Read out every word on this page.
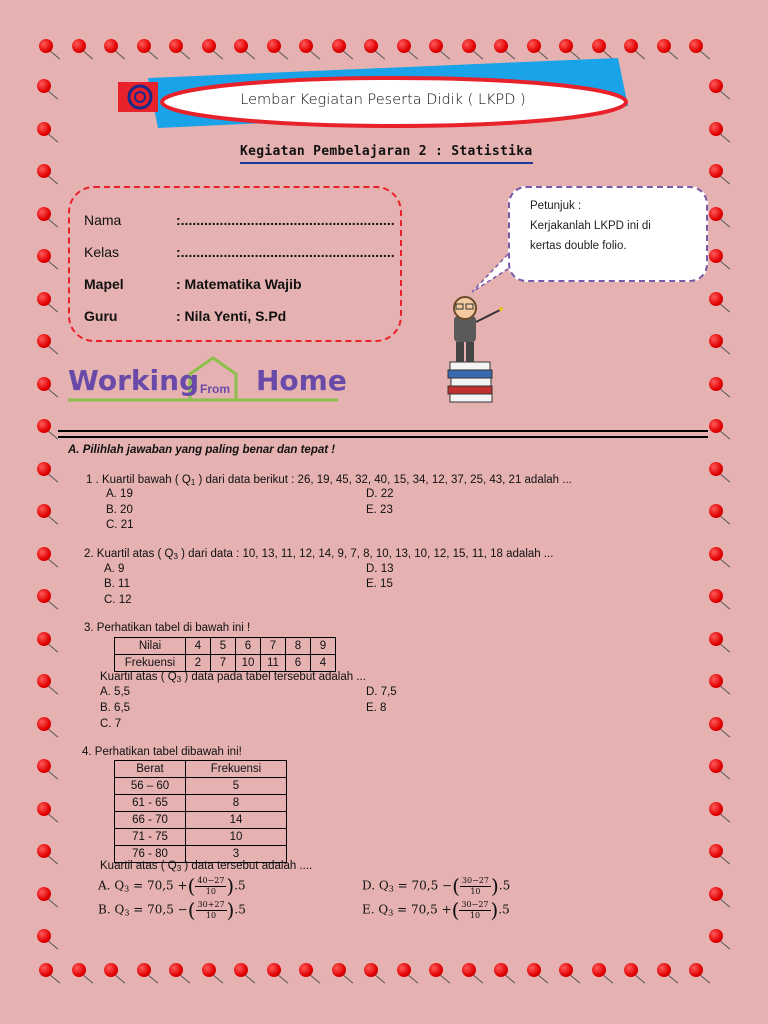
Lembar Kegiatan Peserta Didik ( LKPD )
Kegiatan Pembelajaran 2 : Statistika
Nama	:.......................................................
Kelas	:.......................................................
Mapel	: Matematika Wajib
Guru	: Nila Yenti, S.Pd
Petunjuk :
Kerjakanlah LKPD ini di
kertas double folio.
Working From Home
A. Pilihlah jawaban yang paling benar dan tepat !
1 . Kuartil bawah ( $Q_1$ ) dari data berikut : 26, 19, 45, 32, 40, 15, 34, 12, 37, 25, 43, 21 adalah ...
A. 19
B. 20
C. 21
D. 22
E. 23
2. Kuartil atas ( $Q_3$ ) dari data : 10, 13, 11, 12, 14, 9, 7, 8, 10, 13, 10, 12, 15, 11, 18 adalah ...
A. 9
B. 11
C. 12
D. 13
E. 15
3. Perhatikan tabel di bawah ini !
Nilai	4	5	6	7	8	9
Frekuensi	2	7	10	11	6	4
Kuartil atas ( $Q_3$ ) data pada tabel tersebut adalah ...
A. 5,5
B. 6,5
C. 7
D. 7,5
E. 8
4. Perhatikan tabel dibawah ini!
Berat	Frekuensi
56 – 60	5
61 - 65	8
66 - 70	14
71 - 75	10
76 - 80	3
Kuartil atas ( $Q_3$ ) data tersebut adalah ....
A. $Q_3 = 70,5$ +( $\frac{40-27}{10} ).5$
B. $Q_3 = 70,5$ −( $\frac{30+27}{10} ).5$
D. $Q_3 = 70,5$ −( $\frac{30-27}{10} ).5$
E. $Q_3 = 70,5$ +( $\frac{30-27}{10} ).5$
